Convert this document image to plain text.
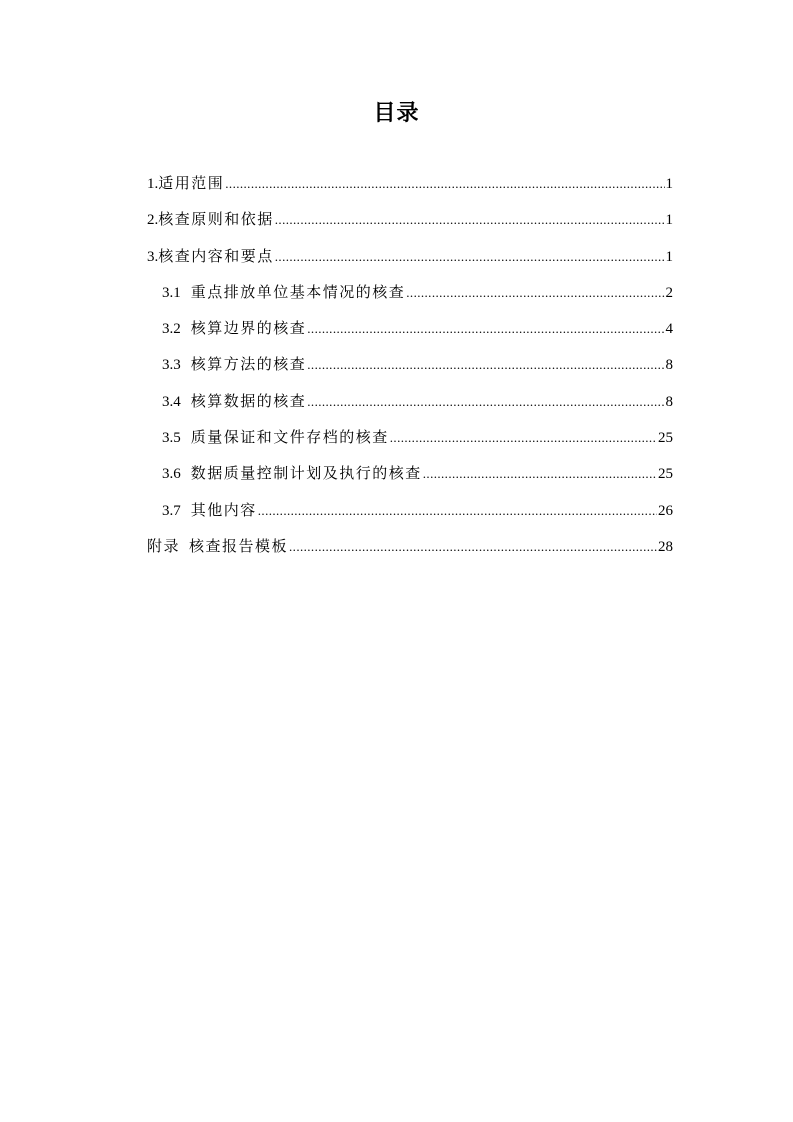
目录
1.适用范围 .....	1
2.核查原则和依据 .....	1
3.核查内容和要点 .....	1
3.1 重点排放单位基本情况的核查 .....	2
3.2 核算边界的核查 .....	4
3.3 核算方法的核查 .....	8
3.4 核算数据的核查 .....	8
3.5 质量保证和文件存档的核查 .....	25
3.6 数据质量控制计划及执行的核查 .....	25
3.7 其他内容 .....	26
附录 核查报告模板 .....	28
